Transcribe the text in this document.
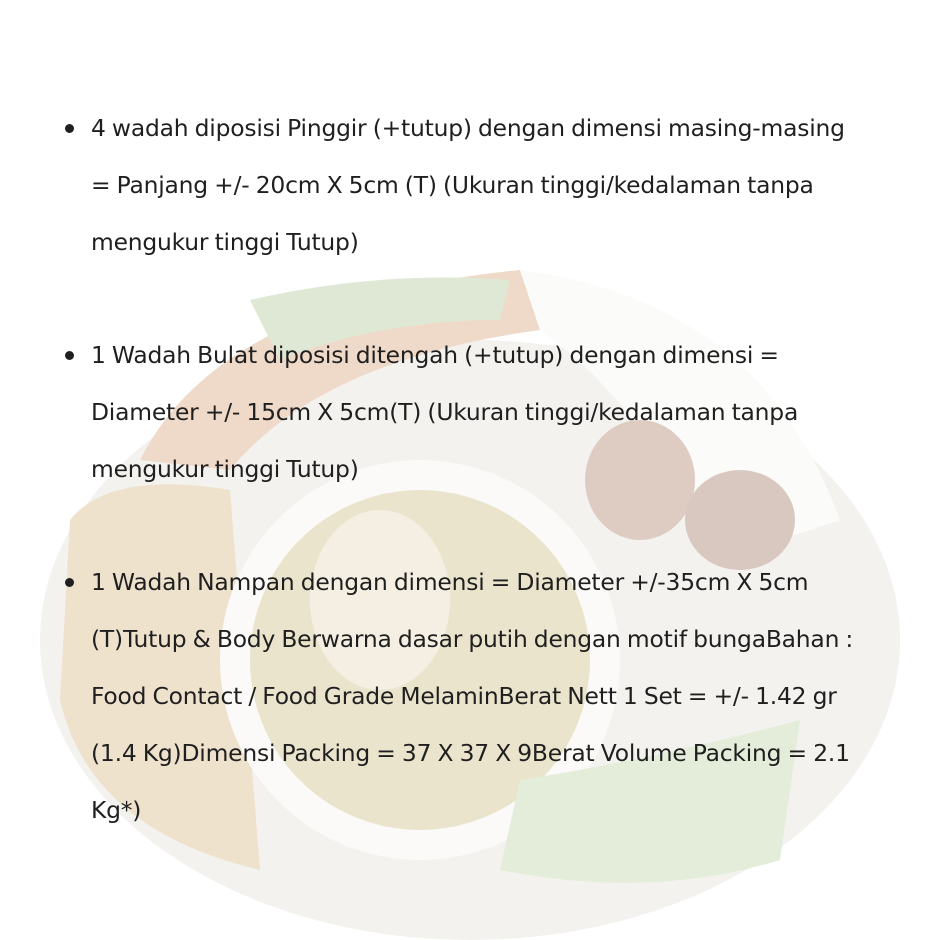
4 wadah diposisi Pinggir (+tutup) dengan dimensi masing-masing = Panjang +/- 20cm X 5cm (T) (Ukuran tinggi/kedalaman tanpa mengukur tinggi Tutup)
1 Wadah Bulat diposisi ditengah (+tutup) dengan dimensi = Diameter +/- 15cm X 5cm(T) (Ukuran tinggi/kedalaman tanpa mengukur tinggi Tutup)
1 Wadah Nampan dengan dimensi = Diameter +/-35cm X 5cm (T)Tutup & Body Berwarna dasar putih dengan motif bungaBahan : Food Contact / Food Grade MelaminBerat Nett 1 Set = +/- 1.42 gr (1.4 Kg)Dimensi Packing = 37 X 37 X 9Berat Volume Packing = 2.1 Kg*)
